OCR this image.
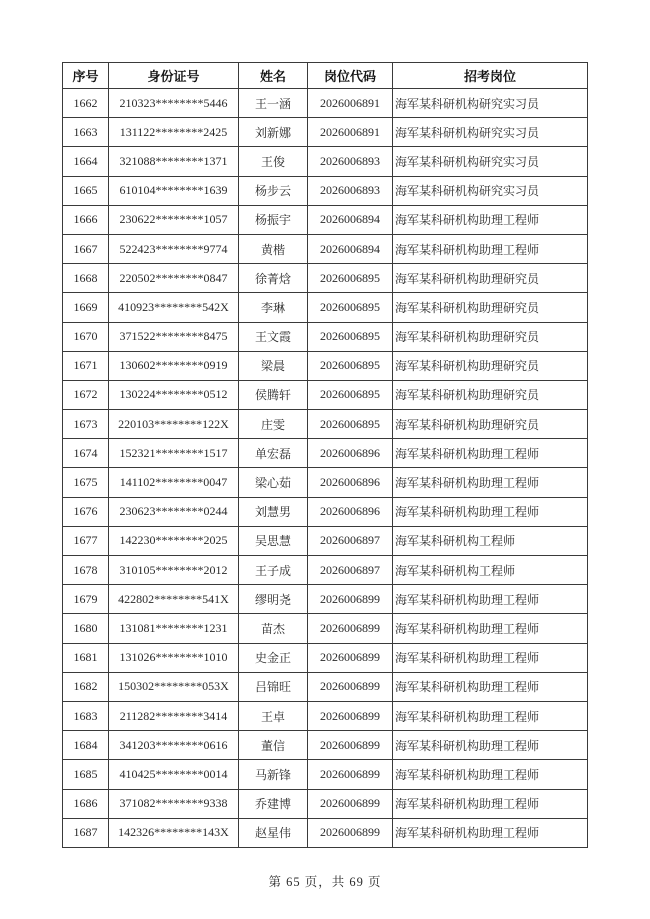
序号	身份证号	姓名	岗位代码	招考岗位
1662	210323********5446	王一涵	2026006891	海军某科研机构研究实习员
1663	131122********2425	刘新娜	2026006891	海军某科研机构研究实习员
1664	321088********1371	王俊	2026006893	海军某科研机构研究实习员
1665	610104********1639	杨步云	2026006893	海军某科研机构研究实习员
1666	230622********1057	杨振宇	2026006894	海军某科研机构助理工程师
1667	522423********9774	黄楷	2026006894	海军某科研机构助理工程师
1668	220502********0847	徐菁焓	2026006895	海军某科研机构助理研究员
1669	410923********542X	李琳	2026006895	海军某科研机构助理研究员
1670	371522********8475	王文霞	2026006895	海军某科研机构助理研究员
1671	130602********0919	梁晨	2026006895	海军某科研机构助理研究员
1672	130224********0512	侯腾轩	2026006895	海军某科研机构助理研究员
1673	220103********122X	庄雯	2026006895	海军某科研机构助理研究员
1674	152321********1517	单宏磊	2026006896	海军某科研机构助理工程师
1675	141102********0047	梁心茹	2026006896	海军某科研机构助理工程师
1676	230623********0244	刘慧男	2026006896	海军某科研机构助理工程师
1677	142230********2025	吴思慧	2026006897	海军某科研机构工程师
1678	310105********2012	王子成	2026006897	海军某科研机构工程师
1679	422802********541X	缪明尧	2026006899	海军某科研机构助理工程师
1680	131081********1231	苗杰	2026006899	海军某科研机构助理工程师
1681	131026********1010	史金正	2026006899	海军某科研机构助理工程师
1682	150302********053X	吕锦旺	2026006899	海军某科研机构助理工程师
1683	211282********3414	王卓	2026006899	海军某科研机构助理工程师
1684	341203********0616	董信	2026006899	海军某科研机构助理工程师
1685	410425********0014	马新锋	2026006899	海军某科研机构助理工程师
1686	371082********9338	乔建博	2026006899	海军某科研机构助理工程师
1687	142326********143X	赵星伟	2026006899	海军某科研机构助理工程师
第 65 页，共 69 页
